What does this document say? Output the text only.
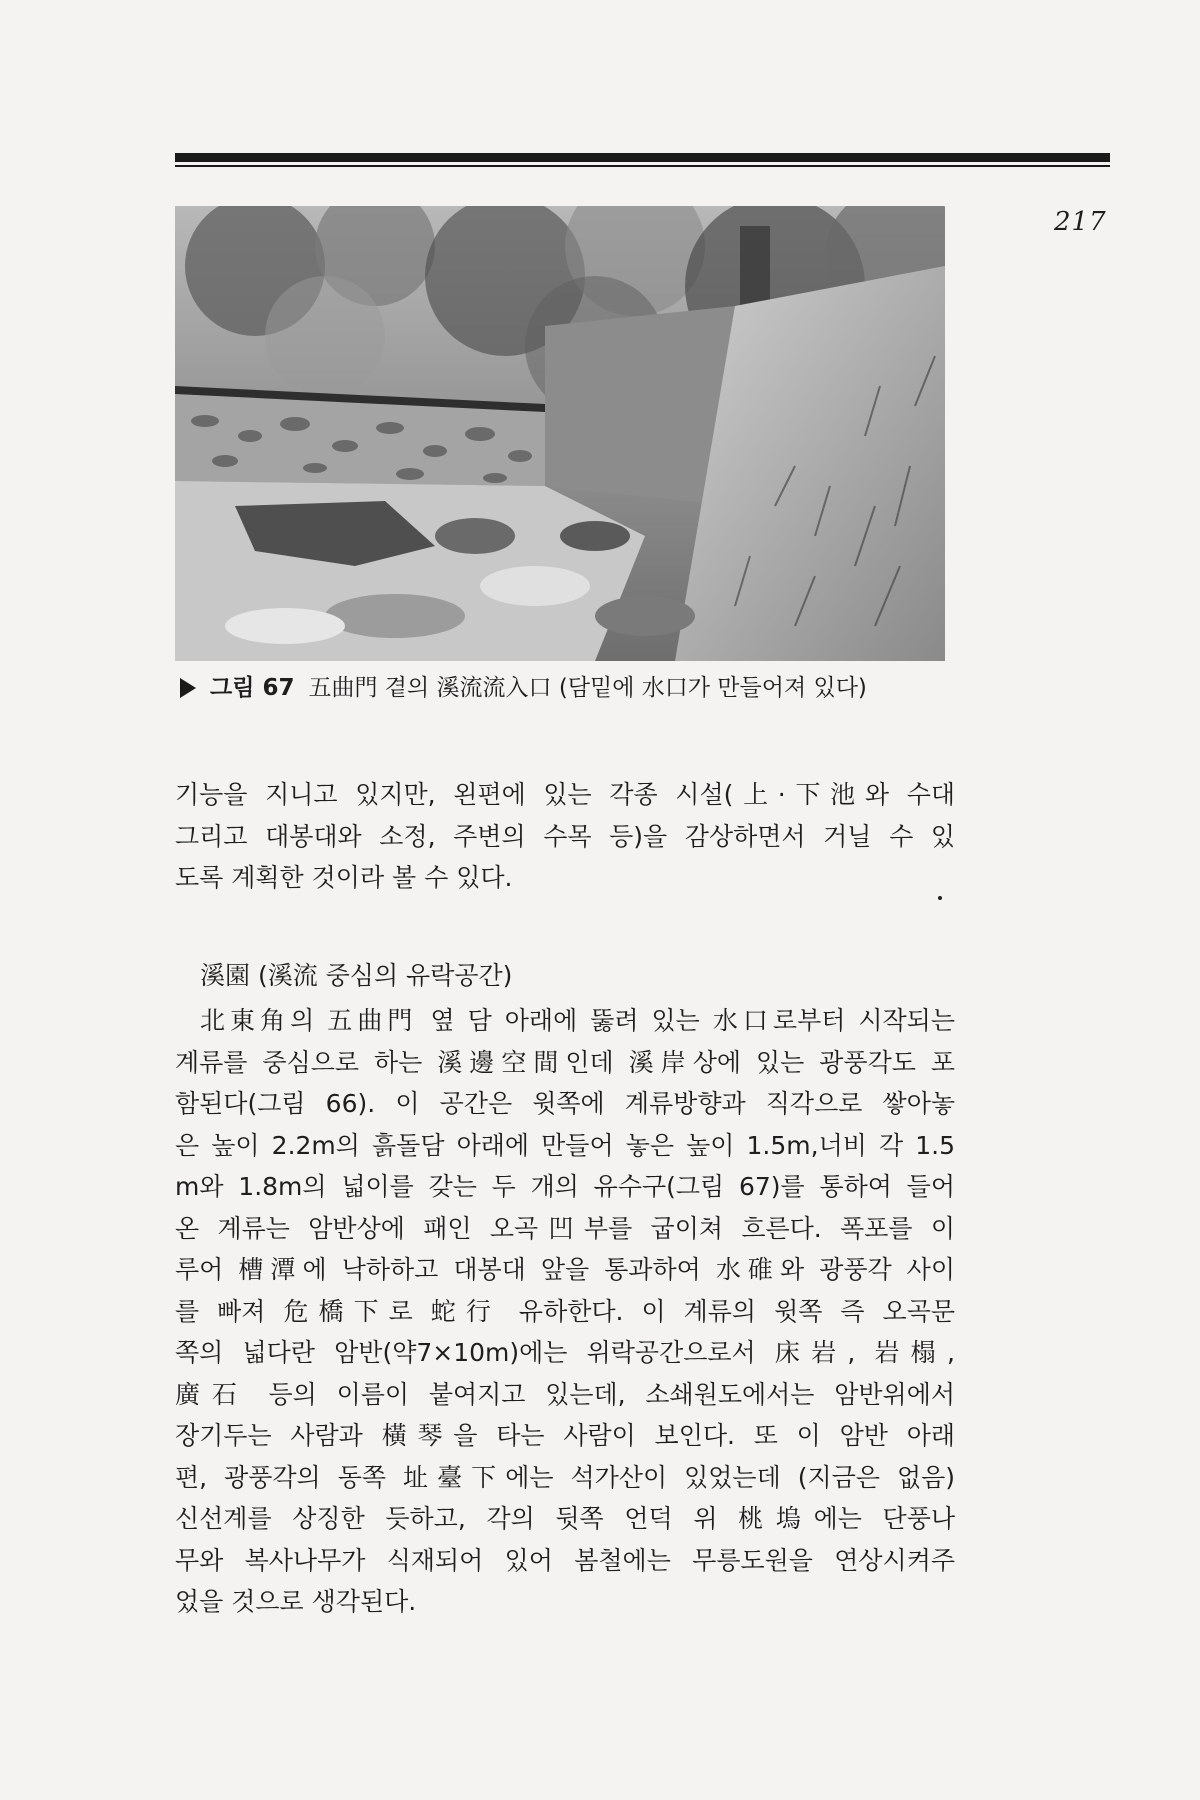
217
그림 67 五曲門 곁의 溪流流入口 (담밑에 水口가 만들어져 있다)
기능을 지니고 있지만, 왼편에 있는 각종 시설(上·下池와 수대
그리고 대봉대와 소정, 주변의 수목 등)을 감상하면서 거닐 수 있
도록 계획한 것이라 볼 수 있다.
溪園 (溪流 중심의 유락공간)
北東角의 五曲門 옆 담 아래에 뚫려 있는 水口로부터 시작되는
계류를 중심으로 하는 溪邊空間인데 溪岸상에 있는 광풍각도 포
함된다(그림 66). 이 공간은 윗쪽에 계류방향과 직각으로 쌓아놓
은 높이 2.2m의 흙돌담 아래에 만들어 놓은 높이 1.5m,너비 각 1.5
m와 1.8m의 넓이를 갖는 두 개의 유수구(그림 67)를 통하여 들어
온 계류는 암반상에 패인 오곡凹부를 굽이쳐 흐른다. 폭포를 이
루어 槽潭에 낙하하고 대봉대 앞을 통과하여 水碓와 광풍각 사이
를 빠져 危橋下로 蛇行 유하한다. 이 계류의 윗쪽 즉 오곡문
쪽의 넓다란 암반(약7×10m)에는 위락공간으로서 床岩, 岩榻,
廣石 등의 이름이 붙여지고 있는데, 소쇄원도에서는 암반위에서
장기두는 사람과 橫琴을 타는 사람이 보인다. 또 이 암반 아래
편, 광풍각의 동쪽 址臺下에는 석가산이 있었는데 (지금은 없음)
신선계를 상징한 듯하고, 각의 뒷쪽 언덕 위 桃塢에는 단풍나
무와 복사나무가 식재되어 있어 봄철에는 무릉도원을 연상시켜주
었을 것으로 생각된다.
